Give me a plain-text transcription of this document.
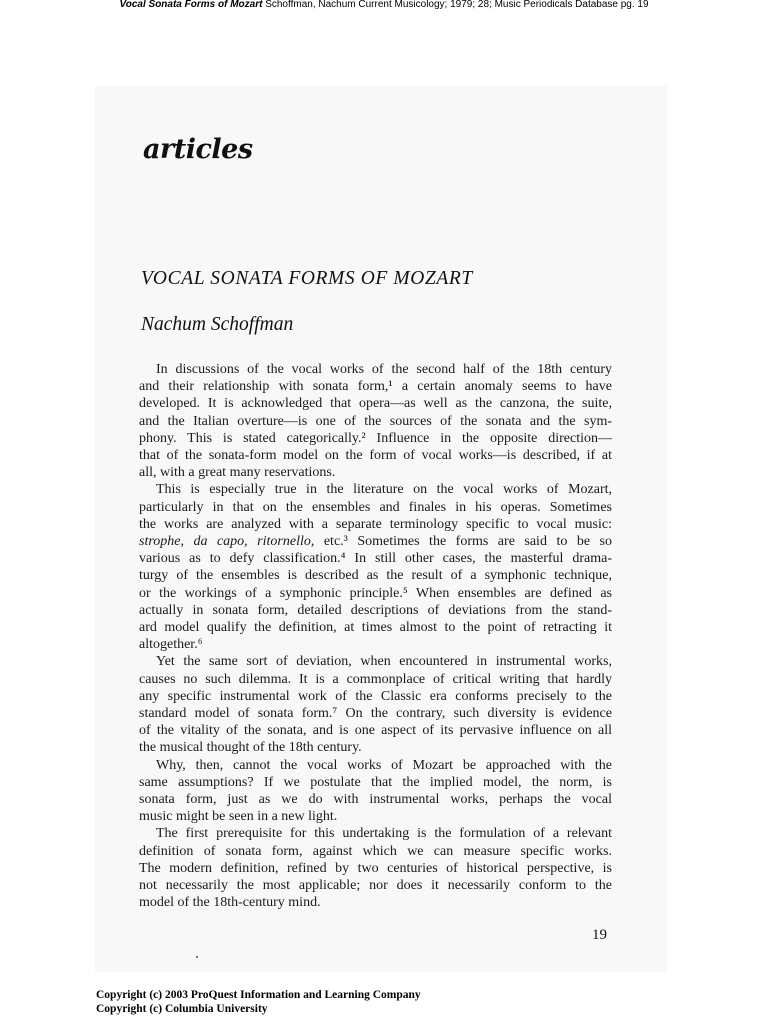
Vocal Sonata Forms of Mozart Schoffman, Nachum Current Musicology; 1979; 28; Music Periodicals Database pg. 19
articles
VOCAL SONATA FORMS OF MOZART
Nachum Schoffman
In discussions of the vocal works of the second half of the 18th century
and their relationship with sonata form,¹ a certain anomaly seems to have
developed. It is acknowledged that opera—as well as the canzona, the suite,
and the Italian overture—is one of the sources of the sonata and the sym-
phony. This is stated categorically.² Influence in the opposite direction—
that of the sonata-form model on the form of vocal works—is described, if at
all, with a great many reservations.
This is especially true in the literature on the vocal works of Mozart,
particularly in that on the ensembles and finales in his operas. Sometimes
the works are analyzed with a separate terminology specific to vocal music:
strophe, da capo, ritornello, etc.³ Sometimes the forms are said to be so
various as to defy classification.⁴ In still other cases, the masterful drama-
turgy of the ensembles is described as the result of a symphonic technique,
or the workings of a symphonic principle.⁵ When ensembles are defined as
actually in sonata form, detailed descriptions of deviations from the stand-
ard model qualify the definition, at times almost to the point of retracting it
altogether.⁶
Yet the same sort of deviation, when encountered in instrumental works,
causes no such dilemma. It is a commonplace of critical writing that hardly
any specific instrumental work of the Classic era conforms precisely to the
standard model of sonata form.⁷ On the contrary, such diversity is evidence
of the vitality of the sonata, and is one aspect of its pervasive influence on all
the musical thought of the 18th century.
Why, then, cannot the vocal works of Mozart be approached with the
same assumptions? If we postulate that the implied model, the norm, is
sonata form, just as we do with instrumental works, perhaps the vocal
music might be seen in a new light.
The first prerequisite for this undertaking is the formulation of a relevant
definition of sonata form, against which we can measure specific works.
The modern definition, refined by two centuries of historical perspective, is
not necessarily the most applicable; nor does it necessarily conform to the
model of the 18th-century mind.
19
Copyright (c) 2003 ProQuest Information and Learning Company
Copyright (c) Columbia University
